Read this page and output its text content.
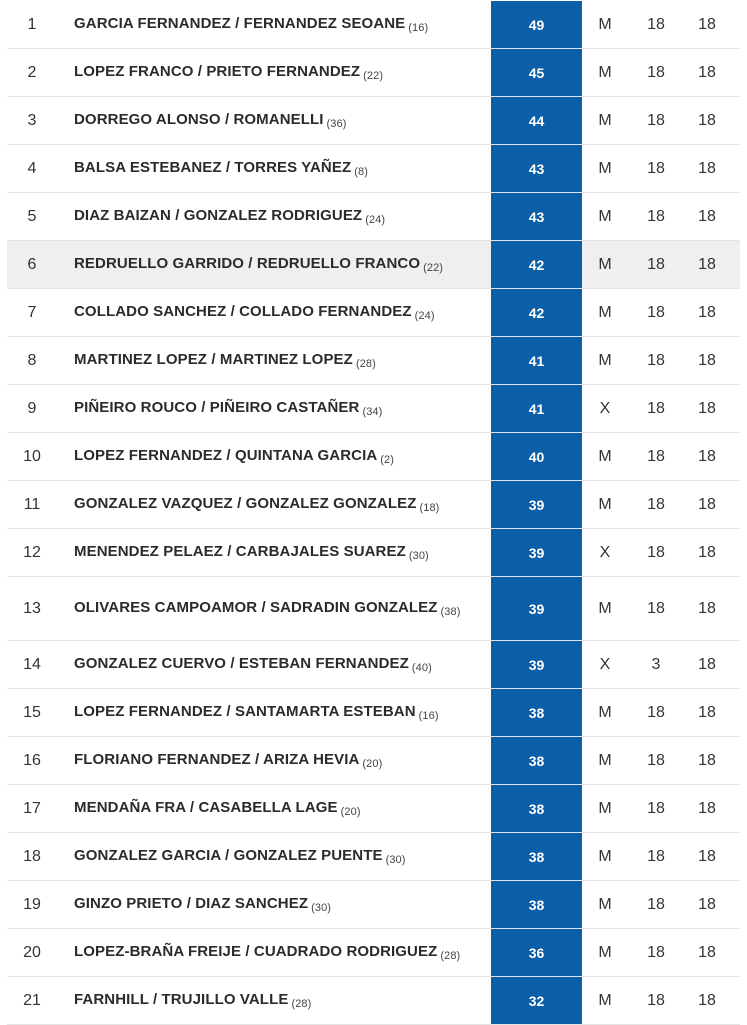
1	GARCIA FERNANDEZ / FERNANDEZ SEOANE $_{(16)}$	49	M	18	18
2	LOPEZ FRANCO / PRIETO FERNANDEZ $_{(22)}$	45	M	18	18
3	DORREGO ALONSO / ROMANELLI $_{(36)}$	44	M	18	18
4	BALSA ESTEBANEZ / TORRES YAÑEZ $_{(8)}$	43	M	18	18
5	DIAZ BAIZAN / GONZALEZ RODRIGUEZ $_{(24)}$	43	M	18	18
6	REDRUELLO GARRIDO / REDRUELLO FRANCO $_{(22)}$	42	M	18	18
7	COLLADO SANCHEZ / COLLADO FERNANDEZ $_{(24)}$	42	M	18	18
8	MARTINEZ LOPEZ / MARTINEZ LOPEZ $_{(28)}$	41	M	18	18
9	PIÑEIRO ROUCO / PIÑEIRO CASTAÑER $_{(34)}$	41	X	18	18
10	LOPEZ FERNANDEZ / QUINTANA GARCIA $_{(2)}$	40	M	18	18
11	GONZALEZ VAZQUEZ / GONZALEZ GONZALEZ $_{(18)}$	39	M	18	18
12	MENENDEZ PELAEZ / CARBAJALES SUAREZ $_{(30)}$	39	X	18	18
13	OLIVARES CAMPOAMOR / SADRADIN GONZALEZ $_{(38)}$	39	M	18	18
14	GONZALEZ CUERVO / ESTEBAN FERNANDEZ $_{(40)}$	39	X	3	18
15	LOPEZ FERNANDEZ / SANTAMARTA ESTEBAN $_{(16)}$	38	M	18	18
16	FLORIANO FERNANDEZ / ARIZA HEVIA $_{(20)}$	38	M	18	18
17	MENDAÑA FRA / CASABELLA LAGE $_{(20)}$	38	M	18	18
18	GONZALEZ GARCIA / GONZALEZ PUENTE $_{(30)}$	38	M	18	18
19	GINZO PRIETO / DIAZ SANCHEZ $_{(30)}$	38	M	18	18
20	LOPEZ-BRAÑA FREIJE / CUADRADO RODRIGUEZ $_{(28)}$	36	M	18	18
21	FARNHILL / TRUJILLO VALLE $_{(28)}$	32	M	18	18
